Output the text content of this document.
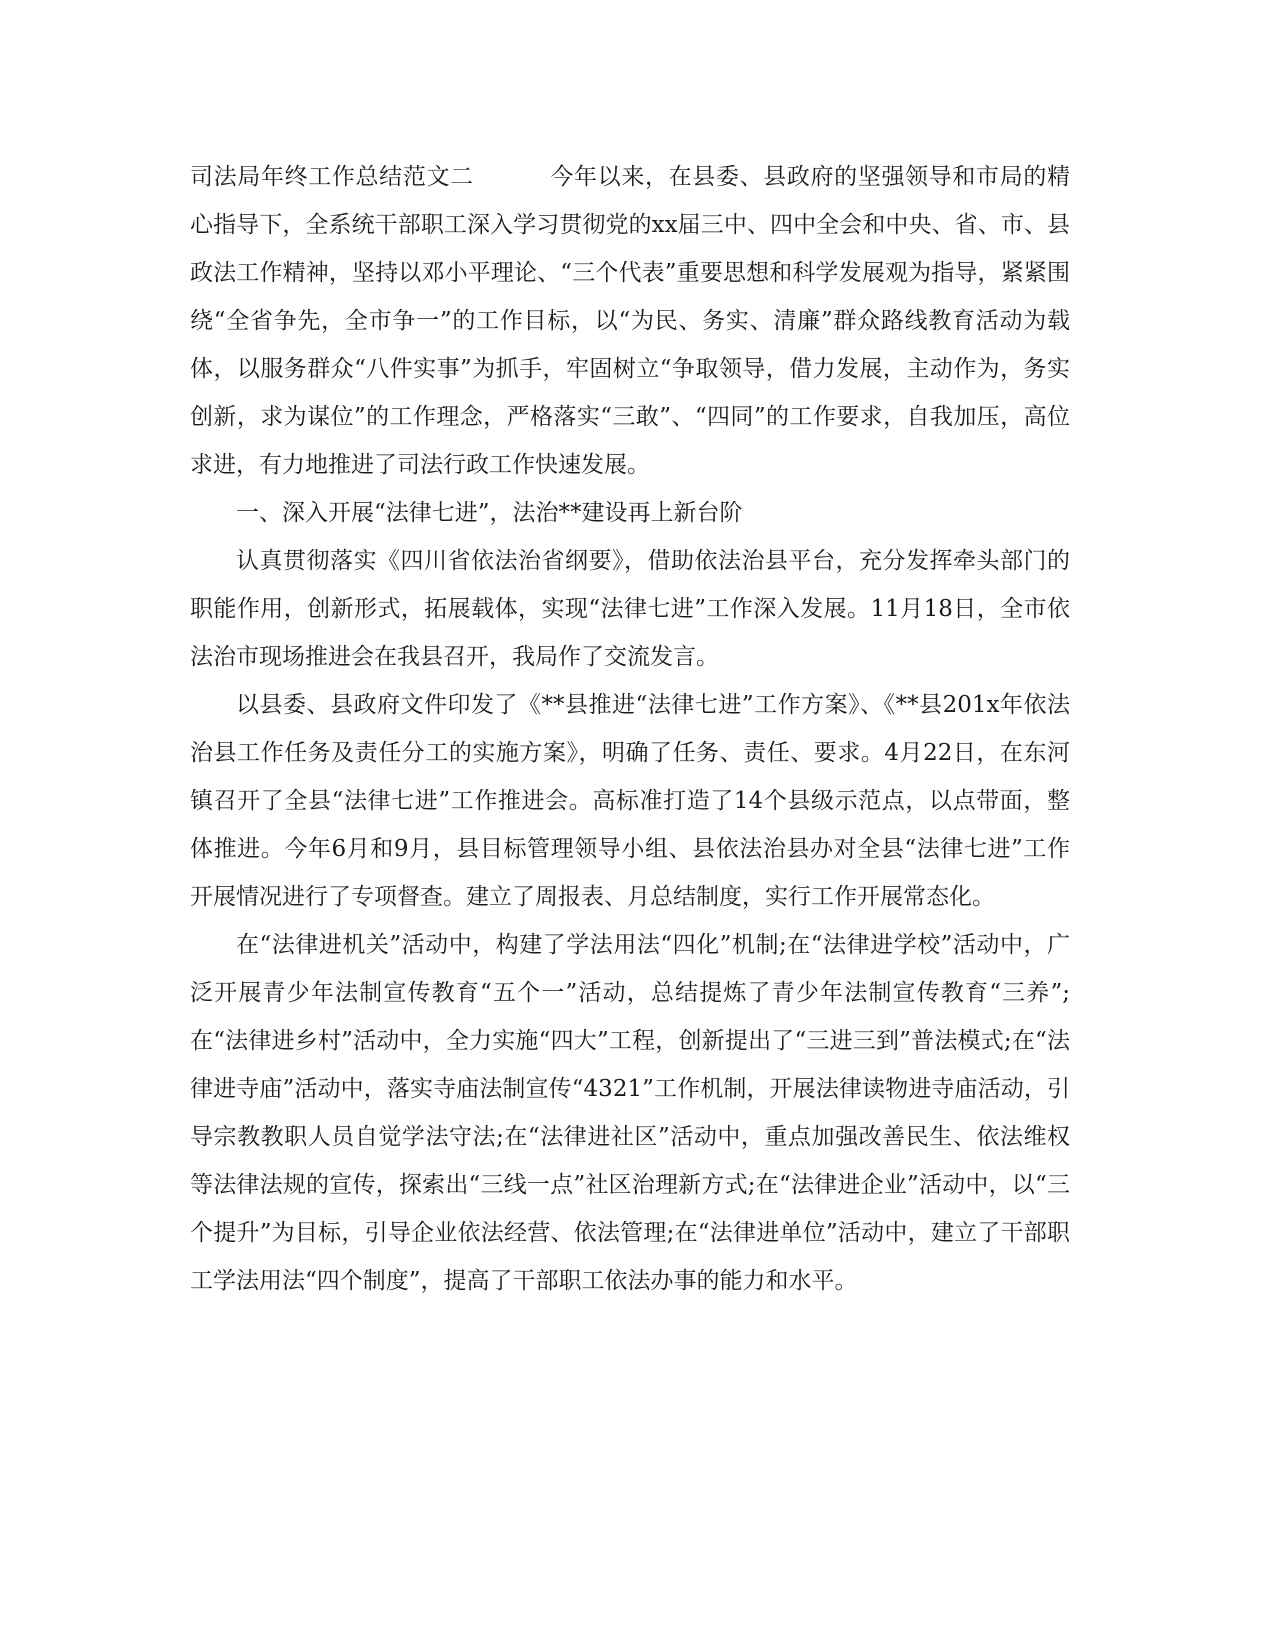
司法局年终工作总结范文二	今年以来，在县委、县政府的坚强领导和市局的精心指导下，全系统干部职工深入学习贯彻党的xx届三中、四中全会和中央、省、市、县政法工作精神，坚持以邓小平理论、“三个代表”重要思想和科学发展观为指导，紧紧围绕“全省争先，全市争一”的工作目标，以“为民、务实、清廉”群众路线教育活动为载体，以服务群众“八件实事”为抓手，牢固树立“争取领导，借力发展，主动作为，务实创新，求为谋位”的工作理念，严格落实“三敢”、“四同”的工作要求，自我加压，高位求进，有力地推进了司法行政工作快速发展。

一、深入开展“法律七进”，法治**建设再上新台阶

认真贯彻落实《四川省依法治省纲要》，借助依法治县平台，充分发挥牵头部门的职能作用，创新形式，拓展载体，实现“法律七进”工作深入发展。11月18日，全市依法治市现场推进会在我县召开，我局作了交流发言。

以县委、县政府文件印发了《**县推进“法律七进”工作方案》、《**县201x年依法治县工作任务及责任分工的实施方案》，明确了任务、责任、要求。4月22日，在东河镇召开了全县“法律七进”工作推进会。高标准打造了14个县级示范点，以点带面，整体推进。今年6月和9月，县目标管理领导小组、县依法治县办对全县“法律七进”工作开展情况进行了专项督查。建立了周报表、月总结制度，实行工作开展常态化。

在“法律进机关”活动中，构建了学法用法“四化”机制;在“法律进学校”活动中，广泛开展青少年法制宣传教育“五个一”活动，总结提炼了青少年法制宣传教育“三养”;在“法律进乡村”活动中，全力实施“四大”工程，创新提出了“三进三到”普法模式;在“法律进寺庙”活动中，落实寺庙法制宣传“4321”工作机制，开展法律读物进寺庙活动，引导宗教教职人员自觉学法守法;在“法律进社区”活动中，重点加强改善民生、依法维权等法律法规的宣传，探索出“三线一点”社区治理新方式;在“法律进企业”活动中，以“三个提升”为目标，引导企业依法经营、依法管理;在“法律进单位”活动中，建立了干部职工学法用法“四个制度”，提高了干部职工依法办事的能力和水平。
